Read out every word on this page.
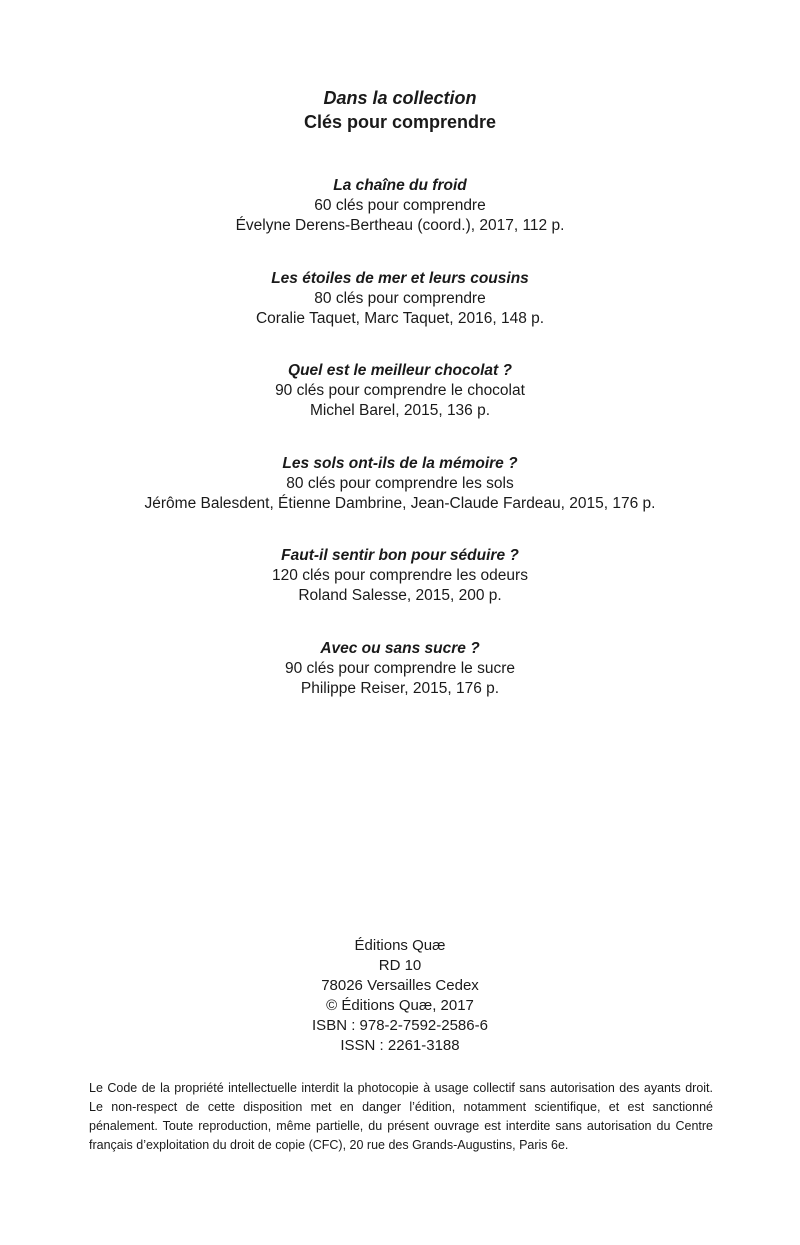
Dans la collection
Clés pour comprendre
La chaîne du froid
60 clés pour comprendre
Évelyne Derens-Bertheau (coord.), 2017, 112 p.
Les étoiles de mer et leurs cousins
80 clés pour comprendre
Coralie Taquet, Marc Taquet, 2016, 148 p.
Quel est le meilleur chocolat ?
90 clés pour comprendre le chocolat
Michel Barel, 2015, 136 p.
Les sols ont-ils de la mémoire ?
80 clés pour comprendre les sols
Jérôme Balesdent, Étienne Dambrine, Jean-Claude Fardeau, 2015, 176 p.
Faut-il sentir bon pour séduire ?
120 clés pour comprendre les odeurs
Roland Salesse, 2015, 200 p.
Avec ou sans sucre ?
90 clés pour comprendre le sucre
Philippe Reiser, 2015, 176 p.
Éditions Quæ
RD 10
78026 Versailles Cedex
© Éditions Quæ, 2017
ISBN : 978-2-7592-2586-6
ISSN : 2261-3188
Le Code de la propriété intellectuelle interdit la photocopie à usage collectif sans autorisation des ayants droit. Le non-respect de cette disposition met en danger l’édition, notamment scientifique, et est sanctionné pénalement. Toute reproduction, même partielle, du présent ouvrage est interdite sans autorisation du Centre français d’exploitation du droit de copie (CFC), 20 rue des Grands-Augustins, Paris 6e.
